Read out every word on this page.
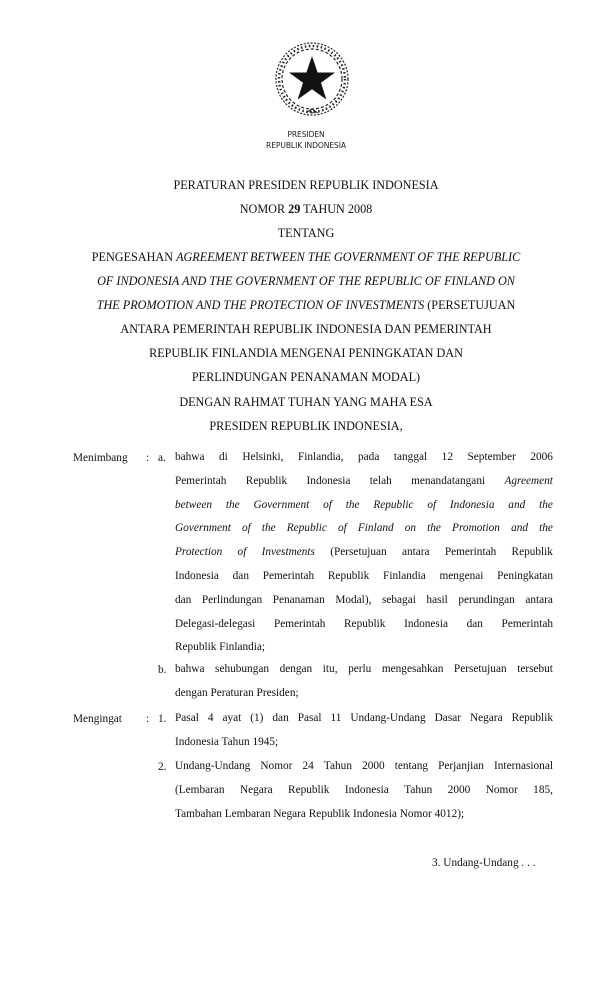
PRESIDEN
REPUBLIK INDONESIA
PERATURAN PRESIDEN REPUBLIK INDONESIA
NOMOR 29 TAHUN 2008
TENTANG
PENGESAHAN AGREEMENT BETWEEN THE GOVERNMENT OF THE REPUBLIC
OF INDONESIA AND THE GOVERNMENT OF THE REPUBLIC OF FINLAND ON
THE PROMOTION AND THE PROTECTION OF INVESTMENTS (PERSETUJUAN
ANTARA PEMERINTAH REPUBLIK INDONESIA DAN PEMERINTAH
REPUBLIK FINLANDIA MENGENAI PENINGKATAN DAN
PERLINDUNGAN PENANAMAN MODAL)
DENGAN RAHMAT TUHAN YANG MAHA ESA
PRESIDEN REPUBLIK INDONESIA,
Menimbang : a. bahwa di Helsinki, Finlandia, pada tanggal 12 September 2006
Pemerintah Republik Indonesia telah menandatangani Agreement
between the Government of the Republic of Indonesia and the
Government of the Republic of Finland on the Promotion and the
Protection of Investments (Persetujuan antara Pemerintah Republik
Indonesia dan Pemerintah Republik Finlandia mengenai Peningkatan
dan Perlindungan Penanaman Modal), sebagai hasil perundingan antara
Delegasi-delegasi Pemerintah Republik Indonesia dan Pemerintah
Republik Finlandia;
b. bahwa sehubungan dengan itu, perlu mengesahkan Persetujuan tersebut
dengan Peraturan Presiden;
Mengingat : 1. Pasal 4 ayat (1) dan Pasal 11 Undang-Undang Dasar Negara Republik
Indonesia Tahun 1945;
2. Undang-Undang Nomor 24 Tahun 2000 tentang Perjanjian Internasional
(Lembaran Negara Republik Indonesia Tahun 2000 Nomor 185,
Tambahan Lembaran Negara Republik Indonesia Nomor 4012);
3. Undang-Undang . . .
